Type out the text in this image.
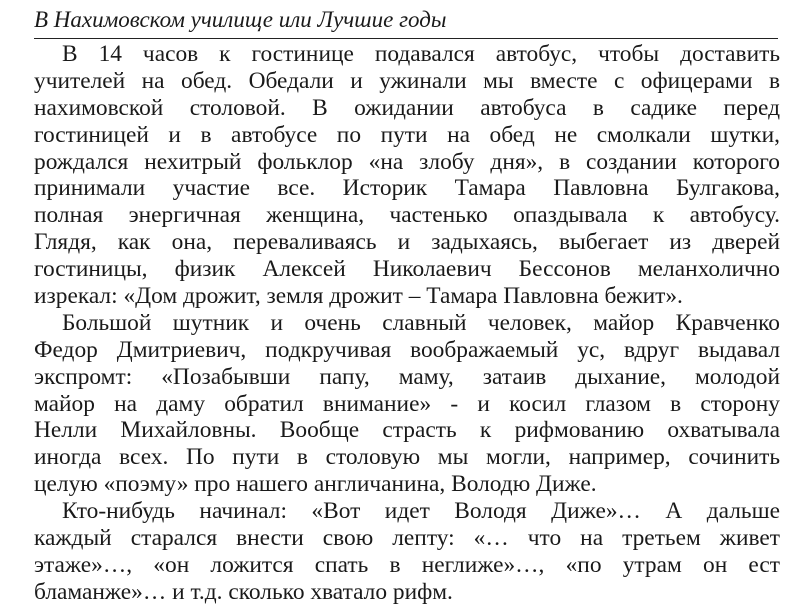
В Нахимовском училище или Лучшие годы
В 14 часов к гостинице подавался автобус, чтобы доставить
учителей на обед. Обедали и ужинали мы вместе с офицерами в
нахимовской столовой. В ожидании автобуса в садике перед
гостиницей и в автобусе по пути на обед не смолкали шутки,
рождался нехитрый фольклор «на злобу дня», в создании которого
принимали участие все. Историк Тамара Павловна Булгакова,
полная энергичная женщина, частенько опаздывала к автобусу.
Глядя, как она, переваливаясь и задыхаясь, выбегает из дверей
гостиницы, физик Алексей Николаевич Бессонов меланхолично
изрекал: «Дом дрожит, земля дрожит – Тамара Павловна бежит».
Большой шутник и очень славный человек, майор Кравченко
Федор Дмитриевич, подкручивая воображаемый ус, вдруг выдавал
экспромт: «Позабывши папу, маму, затаив дыхание, молодой
майор на даму обратил внимание» - и косил глазом в сторону
Нелли Михайловны. Вообще страсть к рифмованию охватывала
иногда всех. По пути в столовую мы могли, например, сочинить
целую «поэму» про нашего англичанина, Володю Диже.
Кто-нибудь начинал: «Вот идет Володя Диже»… А дальше
каждый старался внести свою лепту: «… что на третьем живет
этаже»…, «он ложится спать в неглиже»…, «по утрам он ест
бламанже»… и т.д. сколько хватало рифм.
